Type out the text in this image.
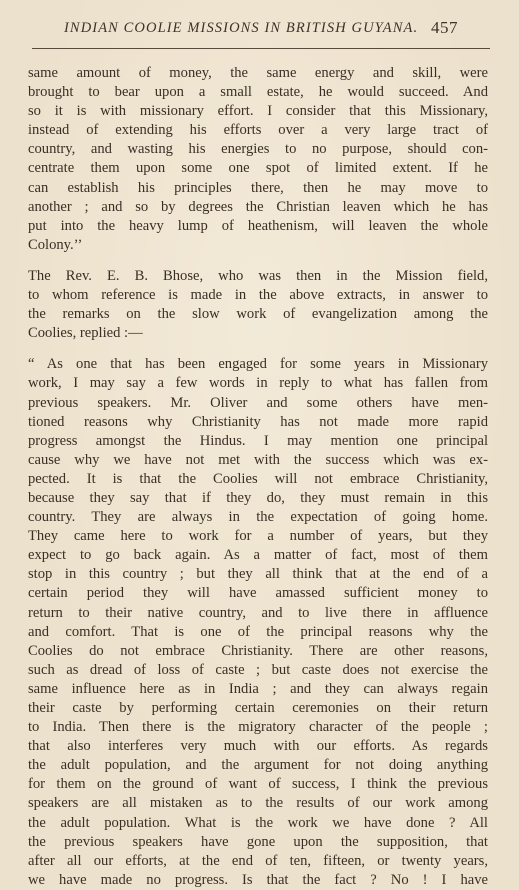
INDIAN COOLIE MISSIONS IN BRITISH GUYANA. 457
same amount of money, the same energy and skill, were
brought to bear upon a small estate, he would succeed. And
so it is with missionary effort. I consider that this Missionary,
instead of extending his efforts over a very large tract of
country, and wasting his energies to no purpose, should con-
centrate them upon some one spot of limited extent. If he
can establish his principles there, then he may move to
another ; and so by degrees the Christian leaven which he has
put into the heavy lump of heathenism, will leaven the whole
Colony.’’
The Rev. E. B. Bhose, who was then in the Mission field,
to whom reference is made in the above extracts, in answer to
the remarks on the slow work of evangelization among the
Coolies, replied :—
“ As one that has been engaged for some years in Missionary
work, I may say a few words in reply to what has fallen from
previous speakers. Mr. Oliver and some others have men-
tioned reasons why Christianity has not made more rapid
progress amongst the Hindus. I may mention one principal
cause why we have not met with the success which was ex-
pected. It is that the Coolies will not embrace Christianity,
because they say that if they do, they must remain in this
country. They are always in the expectation of going home.
They came here to work for a number of years, but they
expect to go back again. As a matter of fact, most of them
stop in this country ; but they all think that at the end of a
certain period they will have amassed sufficient money to
return to their native country, and to live there in affluence
and comfort. That is one of the principal reasons why the
Coolies do not embrace Christianity. There are other reasons,
such as dread of loss of caste ; but caste does not exercise the
same influence here as in India ; and they can always regain
their caste by performing certain ceremonies on their return
to India. Then there is the migratory character of the people ;
that also interferes very much with our efforts. As regards
the adult population, and the argument for not doing anything
for them on the ground of want of success, I think the previous
speakers are all mistaken as to the results of our work among
the adult population. What is the work we have done ? All
the previous speakers have gone upon the supposition, that
after all our efforts, at the end of ten, fifteen, or twenty years,
we have made no progress. Is that the fact ? No ! I have
